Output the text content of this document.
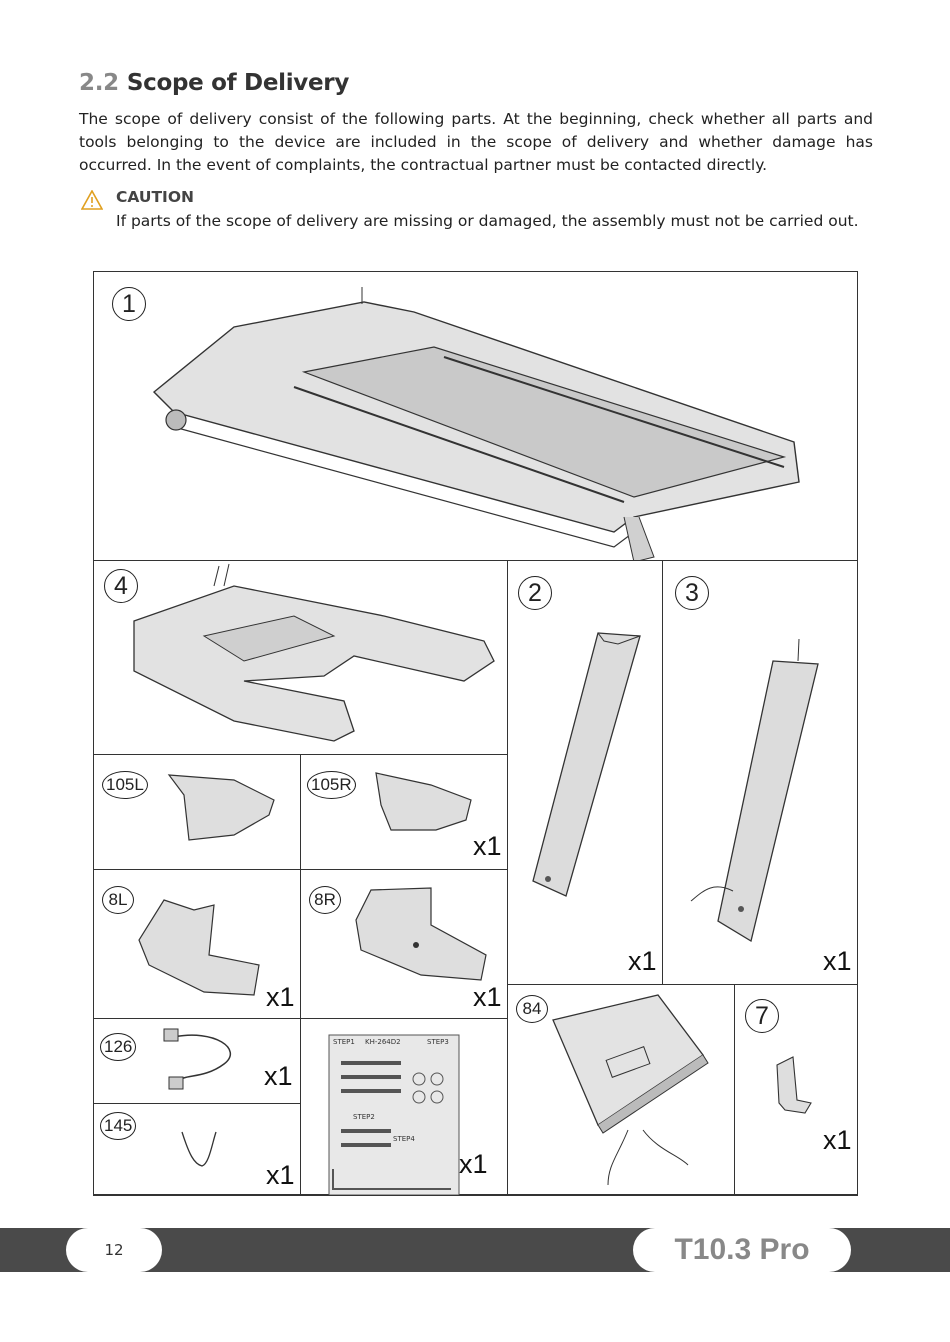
2.2 Scope of Delivery
The scope of delivery consist of the following parts. At the beginning, check whether all parts and tools belonging to the device are included in the scope of delivery and whether damage has occurred. In the event of complaints, the contractual partner must be contacted directly.
CAUTION
If parts of the scope of delivery are missing or damaged, the assembly must not be carried out.
1
4	2
x1
3
x1
105L	105R
x1
8L
x1
8R
x1	84	7
x1
126
x1
145
x1
STEP1 KH-264D2	STEP3
STEP2
STEP4
x1
12	T10.3 Pro
